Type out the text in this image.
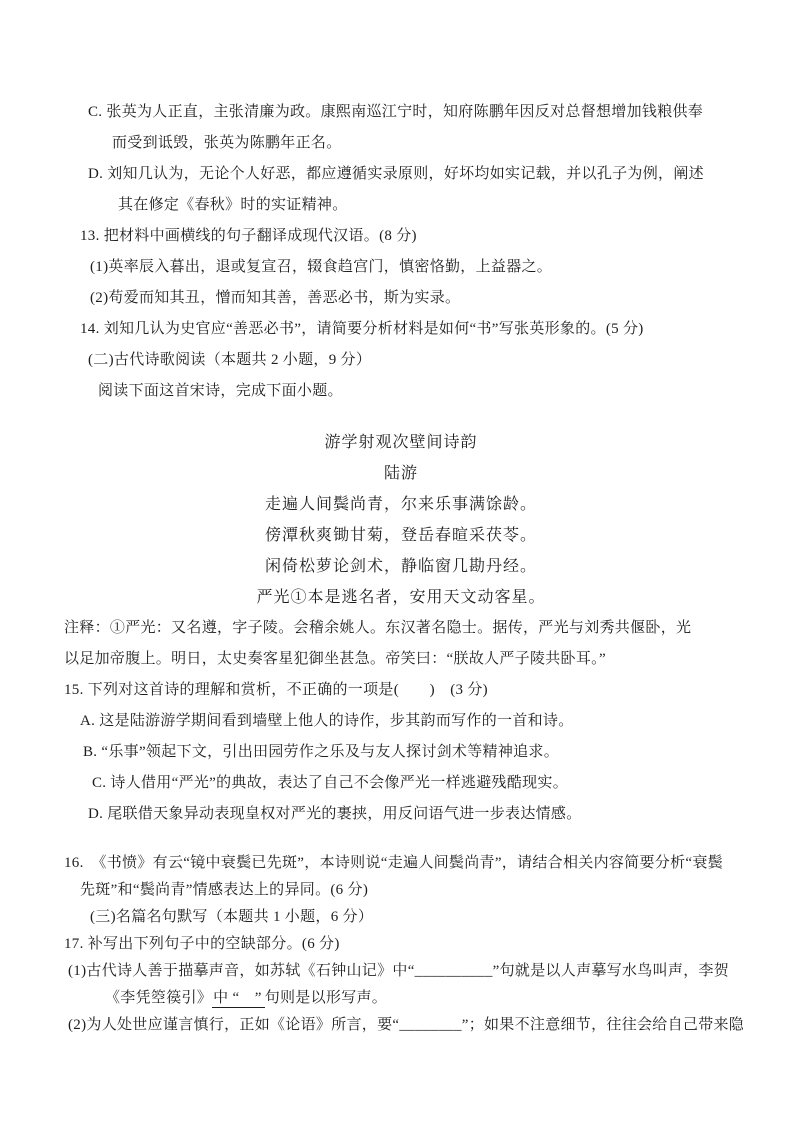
C. 张英为人正直，主张清廉为政。康熙南巡江宁时，知府陈鹏年因反对总督想增加钱粮供奉

而受到诋毁，张英为陈鹏年正名。

D. 刘知几认为，无论个人好恶，都应遵循实录原则，好坏均如实记载，并以孔子为例，阐述

其在修定《春秋》时的实证精神。

13. 把材料中画横线的句子翻译成现代汉语。(8 分)

(1)英率辰入暮出，退或复宣召，辍食趋宫门，慎密恪勤，上益器之。

(2)苟爱而知其丑，憎而知其善，善恶必书，斯为实录。

14. 刘知几认为史官应“善恶必书”，请简要分析材料是如何“书”写张英形象的。(5 分)

(二)古代诗歌阅读（本题共 2 小题，9 分）

阅读下面这首宋诗，完成下面小题。

游学射观次壁间诗韵

陆游

走遍人间鬓尚青，尔来乐事满馀龄。

傍潭秋爽锄甘菊，登岳春暄采茯苓。

闲倚松萝论剑术，静临窗几勘丹经。

严光①本是逃名者，安用天文动客星。

注释：①严光：又名遵，字子陵。会稽余姚人。东汉著名隐士。据传，严光与刘秀共偃卧，光

以足加帝腹上。明日，太史奏客星犯御坐甚急。帝笑曰：“朕故人严子陵共卧耳。”

15. 下列对这首诗的理解和赏析，不正确的一项是(　　)　(3 分)

A. 这是陆游游学期间看到墙壁上他人的诗作，步其韵而写作的一首和诗。

B. “乐事”领起下文，引出田园劳作之乐及与友人探讨剑术等精神追求。

C. 诗人借用“严光”的典故，表达了自己不会像严光一样逃避残酷现实。

D. 尾联借天象异动表现皇权对严光的裹挟，用反问语气进一步表达情感。

16.　《书愤》有云“镜中衰鬓已先斑”，本诗则说“走遍人间鬓尚青”，请结合相关内容简要分析“衰鬓

先斑”和“鬓尚青”情感表达上的异同。(6 分)

(三)名篇名句默写（本题共 1 小题，6 分）

17. 补写出下列句子中的空缺部分。(6 分)

(1)古代诗人善于描摹声音，如苏轼《石钟山记》中“__________”句就是以人声摹写水鸟叫声，李贺

《李凭箜篌引》中 “　” 句则是以形写声。

(2)为人处世应谨言慎行，正如《论语》所言，要“________”；如果不注意细节，往往会给自己带来隐
